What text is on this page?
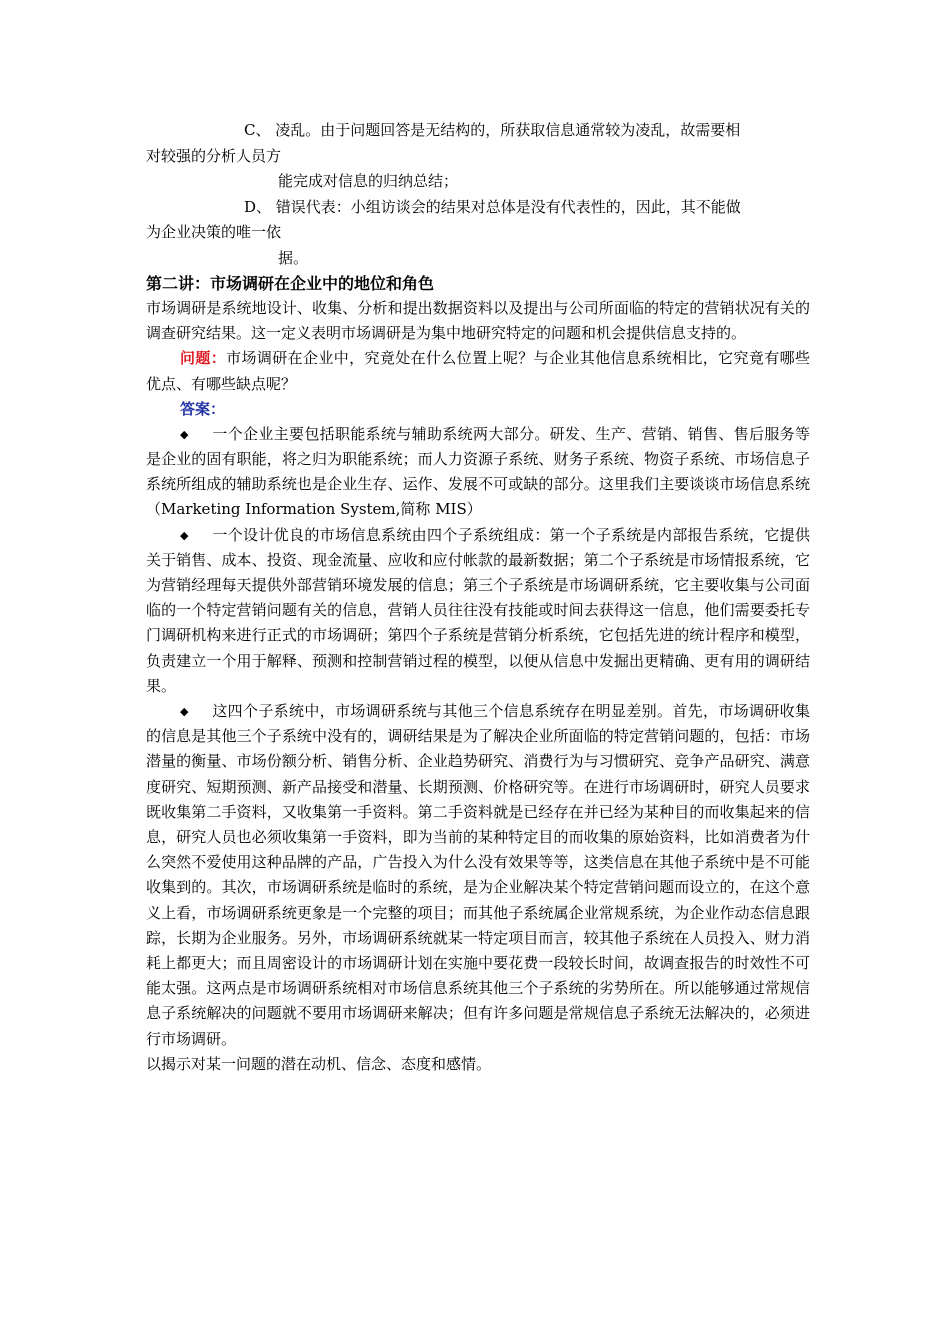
C、 凌乱。由于问题回答是无结构的，所获取信息通常较为凌乱，故需要相

对较强的分析人员方

能完成对信息的归纳总结；

D、 错误代表：小组访谈会的结果对总体是没有代表性的，因此，其不能做

为企业决策的唯一依

据。

第二讲：市场调研在企业中的地位和角色

市场调研是系统地设计、收集、分析和提出数据资料以及提出与公司所面临的特定的营销状况有关的调查研究结果。这一定义表明市场调研是为集中地研究特定的问题和机会提供信息支持的。

问题：市场调研在企业中，究竟处在什么位置上呢？与企业其他信息系统相比，它究竟有哪些优点、有哪些缺点呢？

答案：

◆ 一个企业主要包括职能系统与辅助系统两大部分。研发、生产、营销、销售、售后服务等是企业的固有职能，将之归为职能系统；而人力资源子系统、财务子系统、物资子系统、市场信息子系统所组成的辅助系统也是企业生存、运作、发展不可或缺的部分。这里我们主要谈谈市场信息系统（Marketing Information System,简称 MIS）

◆ 一个设计优良的市场信息系统由四个子系统组成：第一个子系统是内部报告系统，它提供关于销售、成本、投资、现金流量、应收和应付帐款的最新数据；第二个子系统是市场情报系统，它为营销经理每天提供外部营销环境发展的信息；第三个子系统是市场调研系统，它主要收集与公司面临的一个特定营销问题有关的信息，营销人员往往没有技能或时间去获得这一信息，他们需要委托专门调研机构来进行正式的市场调研；第四个子系统是营销分析系统，它包括先进的统计程序和模型，负责建立一个用于解释、预测和控制营销过程的模型，以便从信息中发掘出更精确、更有用的调研结果。

◆ 这四个子系统中，市场调研系统与其他三个信息系统存在明显差别。首先，市场调研收集的信息是其他三个子系统中没有的，调研结果是为了解决企业所面临的特定营销问题的，包括：市场潜量的衡量、市场份额分析、销售分析、企业趋势研究、消费行为与习惯研究、竞争产品研究、满意度研究、短期预测、新产品接受和潜量、长期预测、价格研究等。在进行市场调研时，研究人员要求既收集第二手资料，又收集第一手资料。第二手资料就是已经存在并已经为某种目的而收集起来的信息，研究人员也必须收集第一手资料，即为当前的某种特定目的而收集的原始资料，比如消费者为什么突然不爱使用这种品牌的产品，广告投入为什么没有效果等等，这类信息在其他子系统中是不可能收集到的。其次，市场调研系统是临时的系统，是为企业解决某个特定营销问题而设立的，在这个意义上看，市场调研系统更象是一个完整的项目；而其他子系统属企业常规系统，为企业作动态信息跟踪，长期为企业服务。另外，市场调研系统就某一特定项目而言，较其他子系统在人员投入、财力消耗上都更大；而且周密设计的市场调研计划在实施中要花费一段较长时间，故调查报告的时效性不可能太强。这两点是市场调研系统相对市场信息系统其他三个子系统的劣势所在。所以能够通过常规信息子系统解决的问题就不要用市场调研来解决；但有许多问题是常规信息子系统无法解决的，必须进行市场调研。

以揭示对某一问题的潜在动机、信念、态度和感情。
